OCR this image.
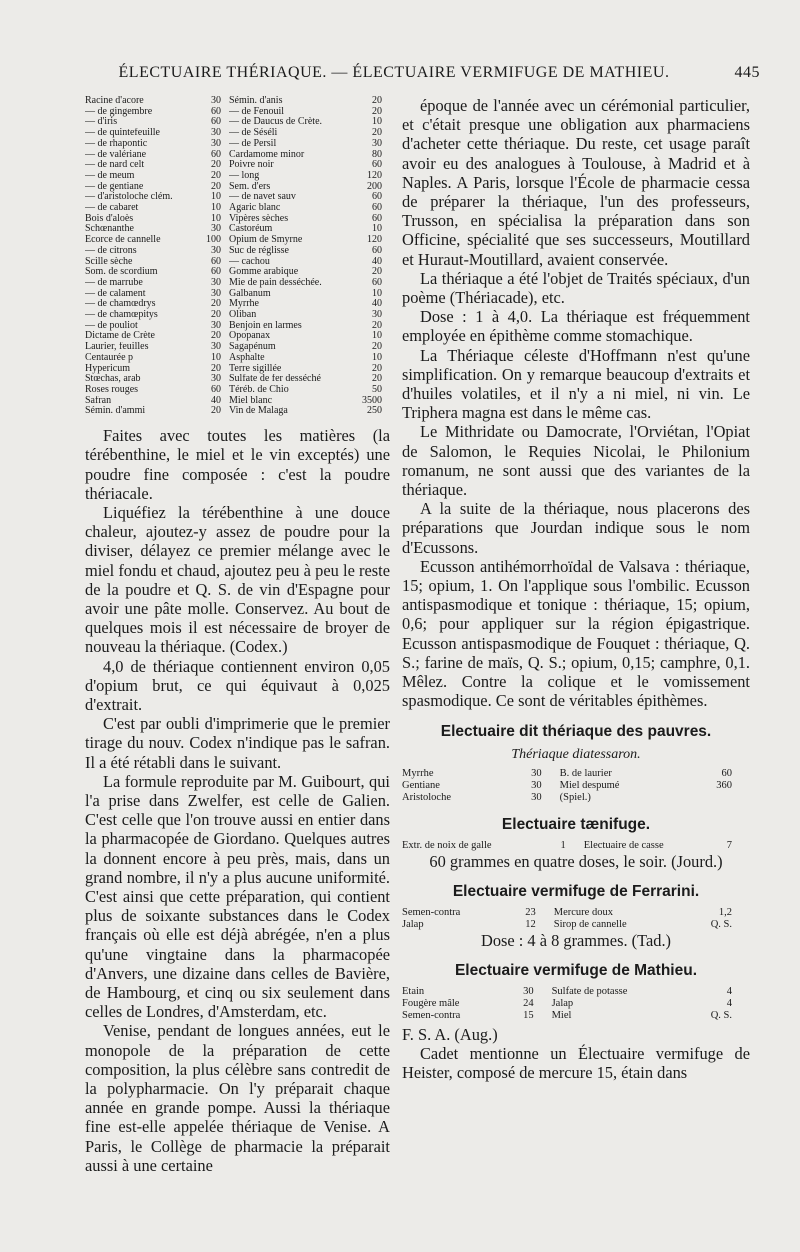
ÉLECTUAIRE THÉRIAQUE. — ÉLECTUAIRE VERMIFUGE DE MATHIEU.	445
Racine d'acore	30	Sémin. d'anis	20
— de gingembre	60	— de Fenouil	20
— d'iris	60	— de Daucus de Crète.	10
— de quintefeuille	30	— de Séséli	20
— de rhapontic	30	— de Persil	30
— de valériane	60	Cardamome minor	80
— de nard celt	20	Poivre noir	60
— de meum	20	— long	120
— de gentiane	20	Sem. d'ers	200
— d'aristoloche clém.	10	— de navet sauv	60
— de cabaret	10	Agaric blanc	60
Bois d'aloès	10	Vipères sèches	60
Schœnanthe	30	Castoréum	10
Ecorce de cannelle	100	Opium de Smyrne	120
— de citrons	30	Suc de réglisse	60
Scille sèche	60	— cachou	40
Som. de scordium	60	Gomme arabique	20
— de marrube	30	Mie de pain desséchée.	60
— de calament	30	Galbanum	10
— de chamœdrys	20	Myrrhe	40
— de chamœpitys	20	Oliban	30
— de pouliot	30	Benjoin en larmes	20
Dictame de Crète	20	Opopanax	10
Laurier, feuilles	30	Sagapénum	20
Centaurée p	10	Asphalte	10
Hypericum	20	Terre sigillée	20
Stœchas, arab	30	Sulfate de fer desséché	20
Roses rouges	60	Téréb. de Chio	50
Safran	40	Miel blanc	3500
Sémin. d'ammi	20	Vin de Malaga	250

Faites avec toutes les matières (la térébenthine, le miel et le vin exceptés) une poudre fine composée : c'est la poudre thériacale.

Liquéfiez la térébenthine à une douce chaleur, ajoutez-y assez de poudre pour la diviser, délayez ce premier mélange avec le miel fondu et chaud, ajoutez peu à peu le reste de la poudre et Q. S. de vin d'Espagne pour avoir une pâte molle. Conservez. Au bout de quelques mois il est nécessaire de broyer de nouveau la thériaque. (Codex.)

4,0 de thériaque contiennent environ 0,05 d'opium brut, ce qui équivaut à 0,025 d'extrait.

C'est par oubli d'imprimerie que le premier tirage du nouv. Codex n'indique pas le safran. Il a été rétabli dans le suivant.

La formule reproduite par M. Guibourt, qui l'a prise dans Zwelfer, est celle de Galien. C'est celle que l'on trouve aussi en entier dans la pharmacopée de Giordano. Quelques autres la donnent encore à peu près, mais, dans un grand nombre, il n'y a plus aucune uniformité. C'est ainsi que cette préparation, qui contient plus de soixante substances dans le Codex français où elle est déjà abrégée, n'en a plus qu'une vingtaine dans la pharmacopée d'Anvers, une dizaine dans celles de Bavière, de Hambourg, et cinq ou six seulement dans celles de Londres, d'Amsterdam, etc.

Venise, pendant de longues années, eut le monopole de la préparation de cette composition, la plus célèbre sans contredit de la polypharmacie. On l'y préparait chaque année en grande pompe. Aussi la thériaque fine est-elle appelée thériaque de Venise. A Paris, le Collège de pharmacie la préparait aussi à une certaine

époque de l'année avec un cérémonial particulier, et c'était presque une obligation aux pharmaciens d'acheter cette thériaque. Du reste, cet usage paraît avoir eu des analogues à Toulouse, à Madrid et à Naples. A Paris, lorsque l'École de pharmacie cessa de préparer la thériaque, l'un des professeurs, Trusson, en spécialisa la préparation dans son Officine, spécialité que ses successeurs, Moutillard et Huraut-Moutillard, avaient conservée.

La thériaque a été l'objet de Traités spéciaux, d'un poème (Thériacade), etc.

Dose : 1 à 4,0. La thériaque est fréquemment employée en épithème comme stomachique.

La Thériaque céleste d'Hoffmann n'est qu'une simplification. On y remarque beaucoup d'extraits et d'huiles volatiles, et il n'y a ni miel, ni vin. Le Triphera magna est dans le même cas.

Le Mithridate ou Damocrate, l'Orviétan, l'Opiat de Salomon, le Requies Nicolai, le Philonium romanum, ne sont aussi que des variantes de la thériaque.

A la suite de la thériaque, nous placerons des préparations que Jourdan indique sous le nom d'Ecussons.

Ecusson antihémorrhoïdal de Valsava : thériaque, 15; opium, 1. On l'applique sous l'ombilic. Ecusson antispasmodique et tonique : thériaque, 15; opium, 0,6; pour appliquer sur la région épigastrique. Ecusson antispasmodique de Fouquet : thériaque, Q. S.; farine de maïs, Q. S.; opium, 0,15; camphre, 0,1. Mêlez. Contre la colique et le vomissement spasmodique. Ce sont de véritables épithèmes.

Electuaire dit thériaque des pauvres.
Thériaque diatessaron.
Myrrhe	30	B. de laurier	60
Gentiane	30	Miel despumé	360
Aristoloche	30	(Spiel.)	
Electuaire tænifuge.
Extr. de noix de galle	1	Electuaire de casse	7

60 grammes en quatre doses, le soir. (Jourd.)

Electuaire vermifuge de Ferrarini.
Semen-contra	23	Mercure doux	1,2
Jalap	12	Sirop de cannelle	Q. S.

Dose : 4 à 8 grammes. (Tad.)

Electuaire vermifuge de Mathieu.
Etain	30	Sulfate de potasse	4
Fougère mâle	24	Jalap	4
Semen-contra	15	Miel	Q. S.

F. S. A. (Aug.)

Cadet mentionne un Électuaire vermifuge de Heister, composé de mercure 15, étain dans
